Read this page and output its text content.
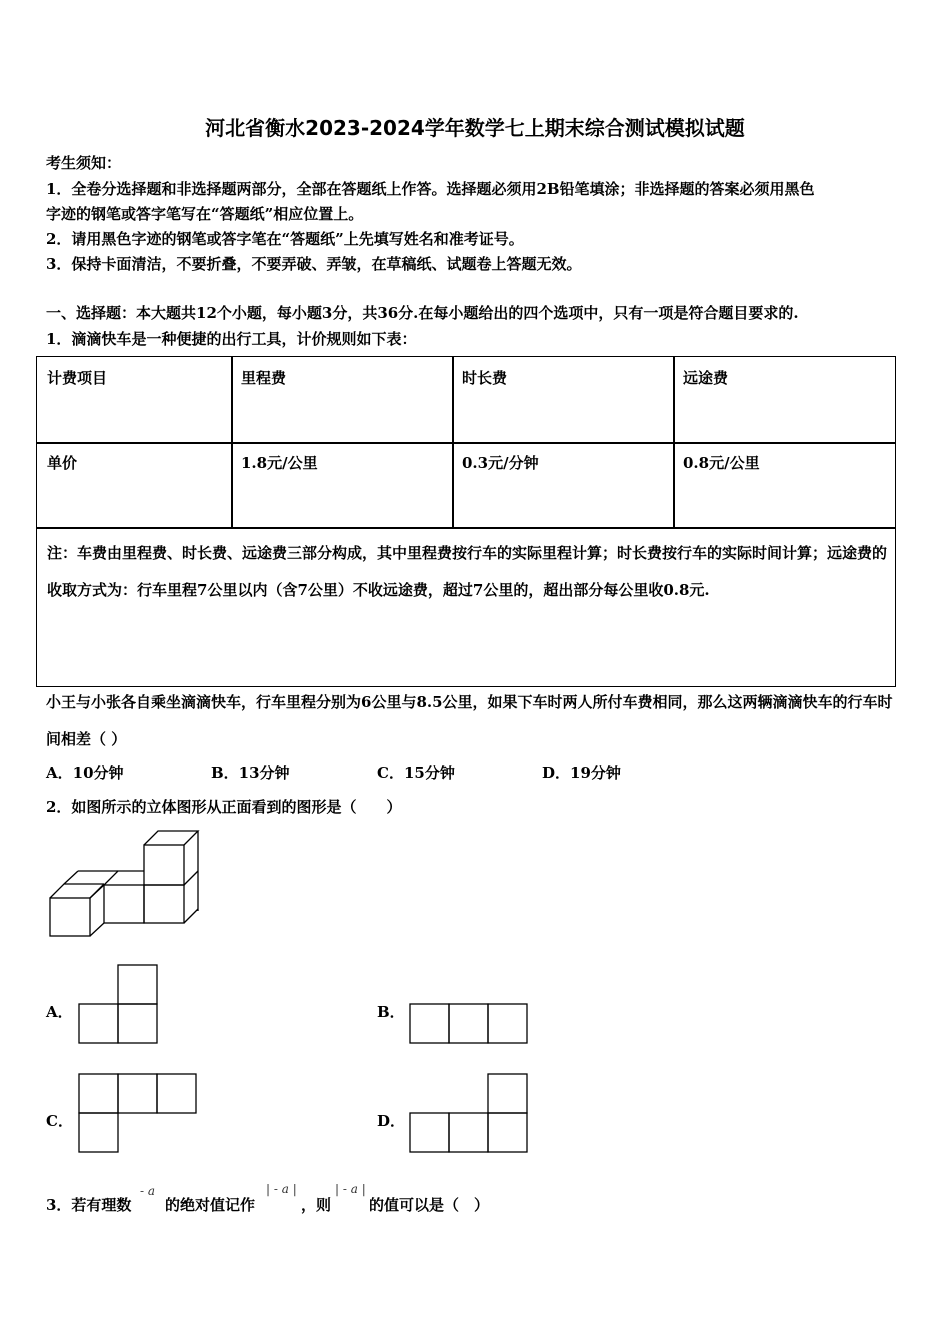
河北省衡水2023-2024学年数学七上期末综合测试模拟试题
考生须知：
1．全卷分选择题和非选择题两部分，全部在答题纸上作答。选择题必须用2B铅笔填涂；非选择题的答案必须用黑色
字迹的钢笔或答字笔写在“答题纸”相应位置上。
2．请用黑色字迹的钢笔或答字笔在“答题纸”上先填写姓名和准考证号。
3．保持卡面清洁，不要折叠，不要弄破、弄皱，在草稿纸、试题卷上答题无效。
一、选择题：本大题共12个小题，每小题3分，共36分.在每小题给出的四个选项中，只有一项是符合题目要求的.
1．滴滴快车是一种便捷的出行工具，计价规则如下表：
计费项目	里程费	时长费	远途费
单价	1.8元/公里	0.3元/分钟	0.8元/公里
注：车费由里程费、时长费、远途费三部分构成，其中里程费按行车的实际里程计算；时长费按行车的实际时间计算；远途费的收取方式为：行车里程7公里以内（含7公里）不收远途费，超过7公里的，超出部分每公里收0.8元.
小王与小张各自乘坐滴滴快车，行车里程分别为6公里与8.5公里，如果下车时两人所付车费相同，那么这两辆滴滴快车的行车时间相差（ ）
A．10分钟	B．13分钟	C．15分钟	D．19分钟
2．如图所示的立体图形从正面看到的图形是（　　）
A．	B．
C．	D．
3．若有理数
- a
的绝对值记作
| - a |
，则
| - a |
的值可以是（　）
